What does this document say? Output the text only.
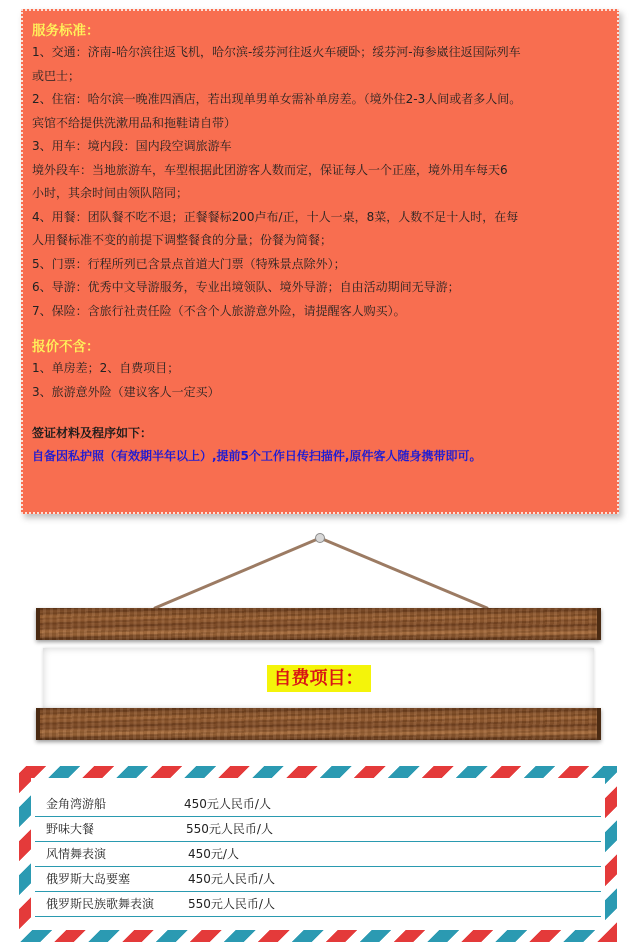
服务标准：

1、交通：济南-哈尔滨往返飞机，哈尔滨-绥芬河往返火车硬卧；绥芬河-海参崴往返国际列车

或巴士；

2、住宿：哈尔滨一晚准四酒店，若出现单男单女需补单房差。（境外住2-3人间或者多人间。

宾馆不给提供洗漱用品和拖鞋请自带）

3、用车：境内段：国内段空调旅游车

境外段车：当地旅游车，车型根据此团游客人数而定，保证每人一个正座，境外用车每天6

小时，其余时间由领队陪同；

4、用餐：团队餐不吃不退；正餐餐标200卢布/正，十人一桌，8菜，人数不足十人时，在每

人用餐标准不变的前提下调整餐食的分量；份餐为简餐；

5、门票：行程所列已含景点首道大门票（特殊景点除外）；

6、导游：优秀中文导游服务，专业出境领队、境外导游；自由活动期间无导游；

7、保险：含旅行社责任险（不含个人旅游意外险，请提醒客人购买）。

报价不含：

1、单房差；2、自费项目；

3、旅游意外险（建议客人一定买）

签证材料及程序如下：

自备因私护照（有效期半年以上）,提前5个工作日传扫描件,原件客人随身携带即可。

自费项目：
金角湾游船	450元人民币/人
野味大餐	550元人民币/人
风情舞表演	450元/人
俄罗斯大岛要塞	450元人民币/人
俄罗斯民族歌舞表演	550元人民币/人
